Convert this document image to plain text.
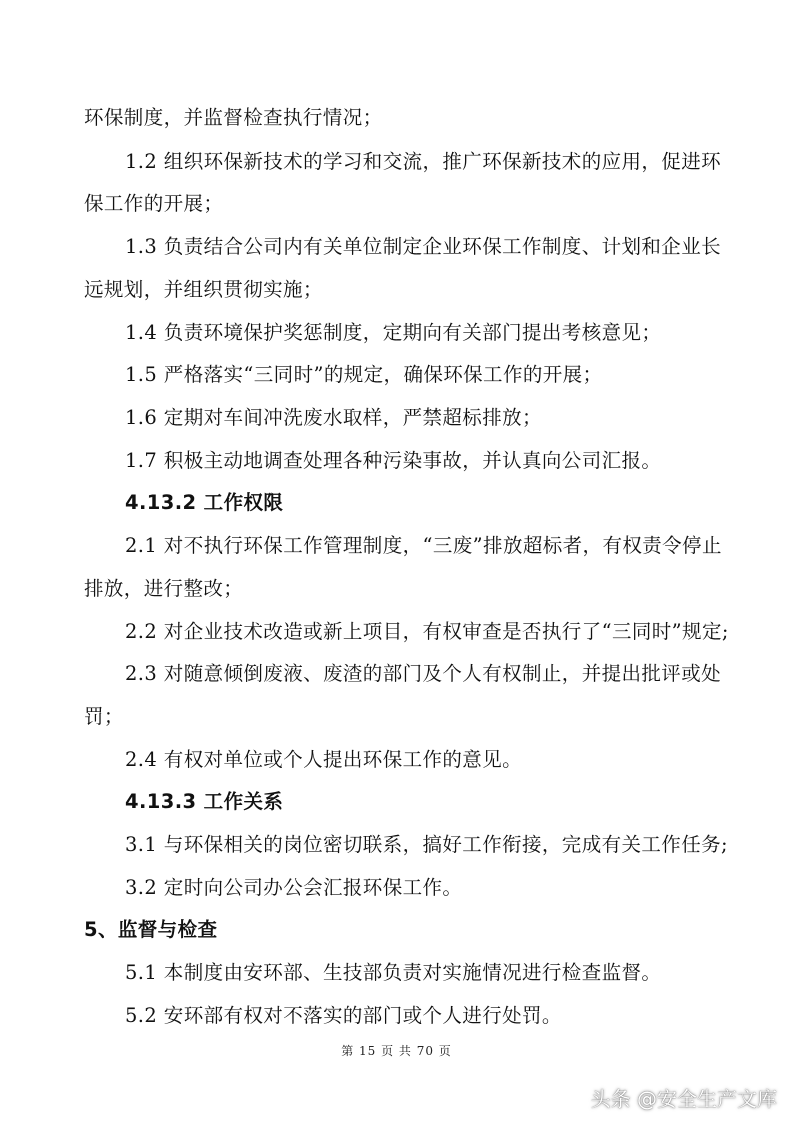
环保制度，并监督检查执行情况；
1.2 组织环保新技术的学习和交流，推广环保新技术的应用，促进环
保工作的开展；
1.3 负责结合公司内有关单位制定企业环保工作制度、计划和企业长
远规划，并组织贯彻实施；
1.4 负责环境保护奖惩制度，定期向有关部门提出考核意见；
1.5 严格落实“三同时”的规定，确保环保工作的开展；
1.6 定期对车间冲洗废水取样，严禁超标排放；
1.7 积极主动地调查处理各种污染事故，并认真向公司汇报。
4.13.2 工作权限
2.1 对不执行环保工作管理制度，“三废”排放超标者，有权责令停止
排放，进行整改；
2.2 对企业技术改造或新上项目，有权审查是否执行了“三同时”规定;
2.3 对随意倾倒废液、废渣的部门及个人有权制止，并提出批评或处
罚；
2.4 有权对单位或个人提出环保工作的意见。
4.13.3 工作关系
3.1 与环保相关的岗位密切联系，搞好工作衔接，完成有关工作任务;
3.2 定时向公司办公会汇报环保工作。
5、监督与检查
5.1 本制度由安环部、生技部负责对实施情况进行检查监督。
5.2 安环部有权对不落实的部门或个人进行处罚。
第 15 页 共 70 页
头条 @安全生产文库
